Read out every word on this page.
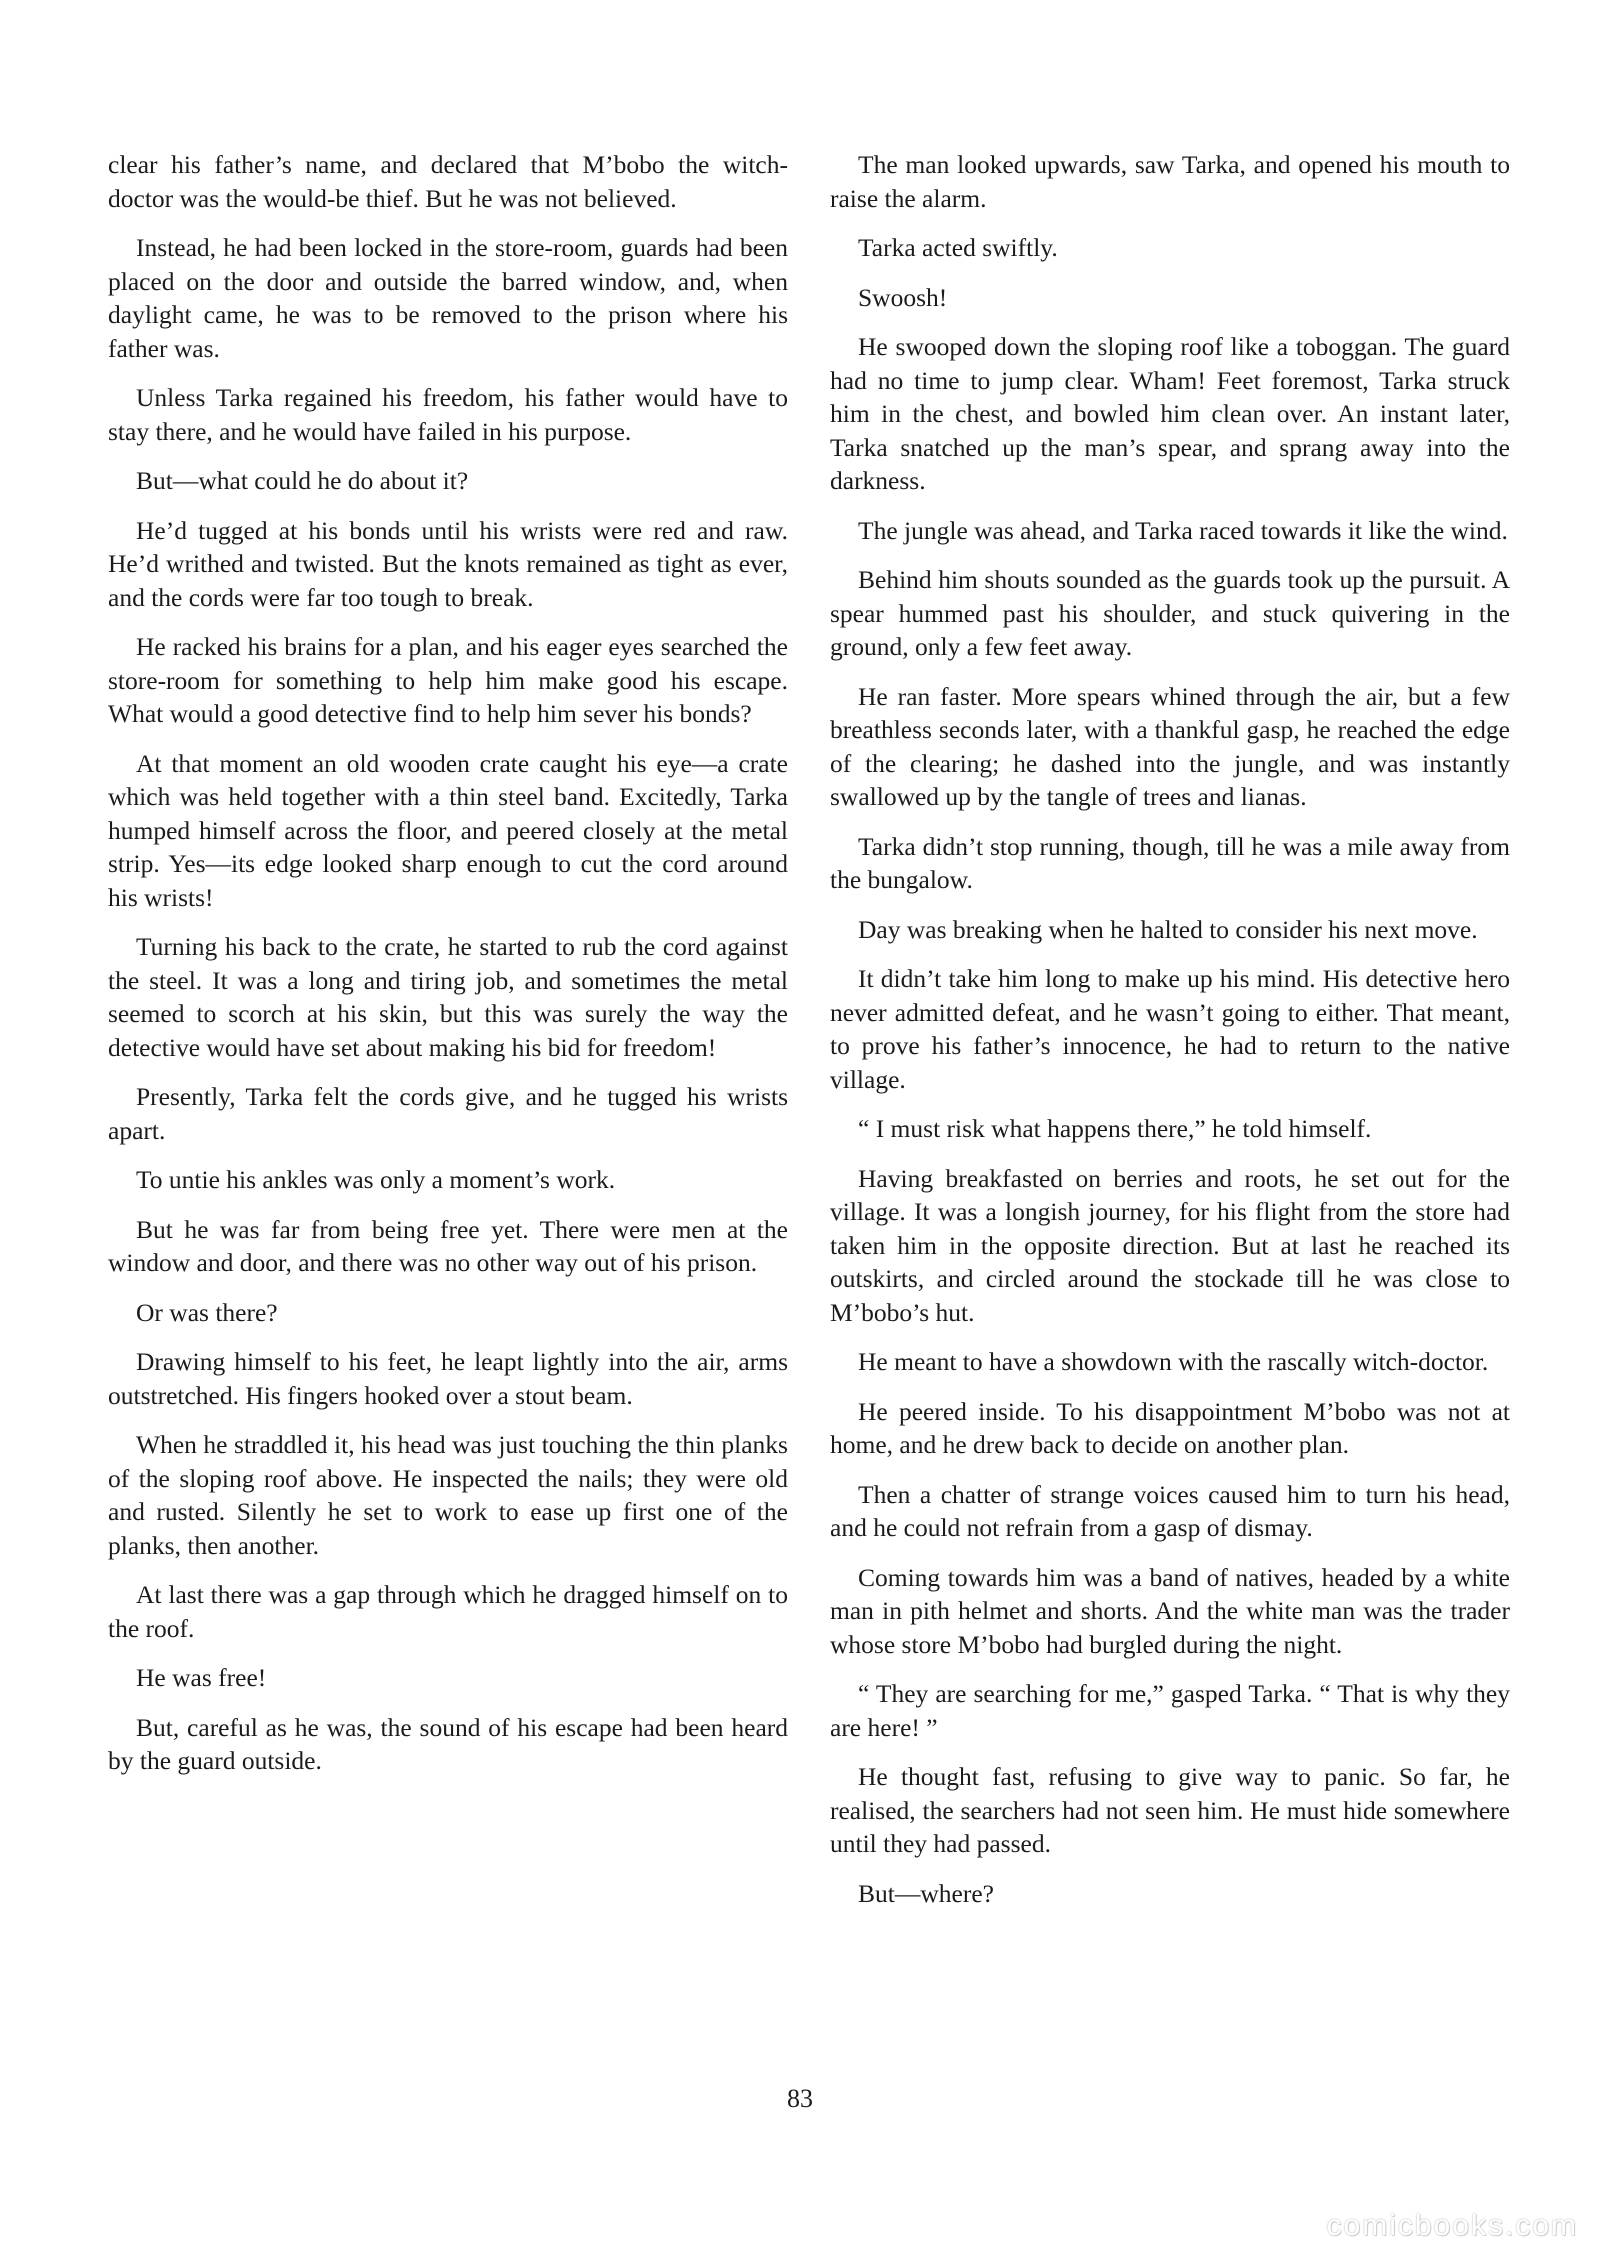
clear his father’s name, and declared that M’bobo the witch-doctor was the would-be thief. But he was not believed.

Instead, he had been locked in the store-room, guards had been placed on the door and outside the barred window, and, when daylight came, he was to be removed to the prison where his father was.

Unless Tarka regained his freedom, his father would have to stay there, and he would have failed in his purpose.

But—what could he do about it?

He’d tugged at his bonds until his wrists were red and raw. He’d writhed and twisted. But the knots remained as tight as ever, and the cords were far too tough to break.

He racked his brains for a plan, and his eager eyes searched the store-room for something to help him make good his escape. What would a good detective find to help him sever his bonds?

At that moment an old wooden crate caught his eye—a crate which was held together with a thin steel band. Excitedly, Tarka humped himself across the floor, and peered closely at the metal strip. Yes—its edge looked sharp enough to cut the cord around his wrists!

Turning his back to the crate, he started to rub the cord against the steel. It was a long and tiring job, and sometimes the metal seemed to scorch at his skin, but this was surely the way the detective would have set about making his bid for freedom!

Presently, Tarka felt the cords give, and he tugged his wrists apart.

To untie his ankles was only a moment’s work.

But he was far from being free yet. There were men at the window and door, and there was no other way out of his prison.

Or was there?

Drawing himself to his feet, he leapt lightly into the air, arms outstretched. His fingers hooked over a stout beam.

When he straddled it, his head was just touching the thin planks of the sloping roof above. He inspected the nails; they were old and rusted. Silently he set to work to ease up first one of the planks, then another.

At last there was a gap through which he dragged himself on to the roof.

He was free!

But, careful as he was, the sound of his escape had been heard by the guard outside.

The man looked upwards, saw Tarka, and opened his mouth to raise the alarm.

Tarka acted swiftly.

Swoosh!

He swooped down the sloping roof like a toboggan. The guard had no time to jump clear. Wham! Feet foremost, Tarka struck him in the chest, and bowled him clean over. An instant later, Tarka snatched up the man’s spear, and sprang away into the darkness.

The jungle was ahead, and Tarka raced towards it like the wind.

Behind him shouts sounded as the guards took up the pursuit. A spear hummed past his shoulder, and stuck quivering in the ground, only a few feet away.

He ran faster. More spears whined through the air, but a few breathless seconds later, with a thankful gasp, he reached the edge of the clearing; he dashed into the jungle, and was instantly swallowed up by the tangle of trees and lianas.

Tarka didn’t stop running, though, till he was a mile away from the bungalow.

Day was breaking when he halted to consider his next move.

It didn’t take him long to make up his mind. His detective hero never admitted defeat, and he wasn’t going to either. That meant, to prove his father’s innocence, he had to return to the native village.

“ I must risk what happens there,” he told himself.

Having breakfasted on berries and roots, he set out for the village. It was a longish journey, for his flight from the store had taken him in the opposite direction. But at last he reached its outskirts, and circled around the stockade till he was close to M’bobo’s hut.

He meant to have a showdown with the rascally witch-doctor.

He peered inside. To his disappointment M’bobo was not at home, and he drew back to decide on another plan.

Then a chatter of strange voices caused him to turn his head, and he could not refrain from a gasp of dismay.

Coming towards him was a band of natives, headed by a white man in pith helmet and shorts. And the white man was the trader whose store M’bobo had burgled during the night.

“ They are searching for me,” gasped Tarka. “ That is why they are here! ”

He thought fast, refusing to give way to panic. So far, he realised, the searchers had not seen him. He must hide somewhere until they had passed.

But—where?

83
comicbooks.com
